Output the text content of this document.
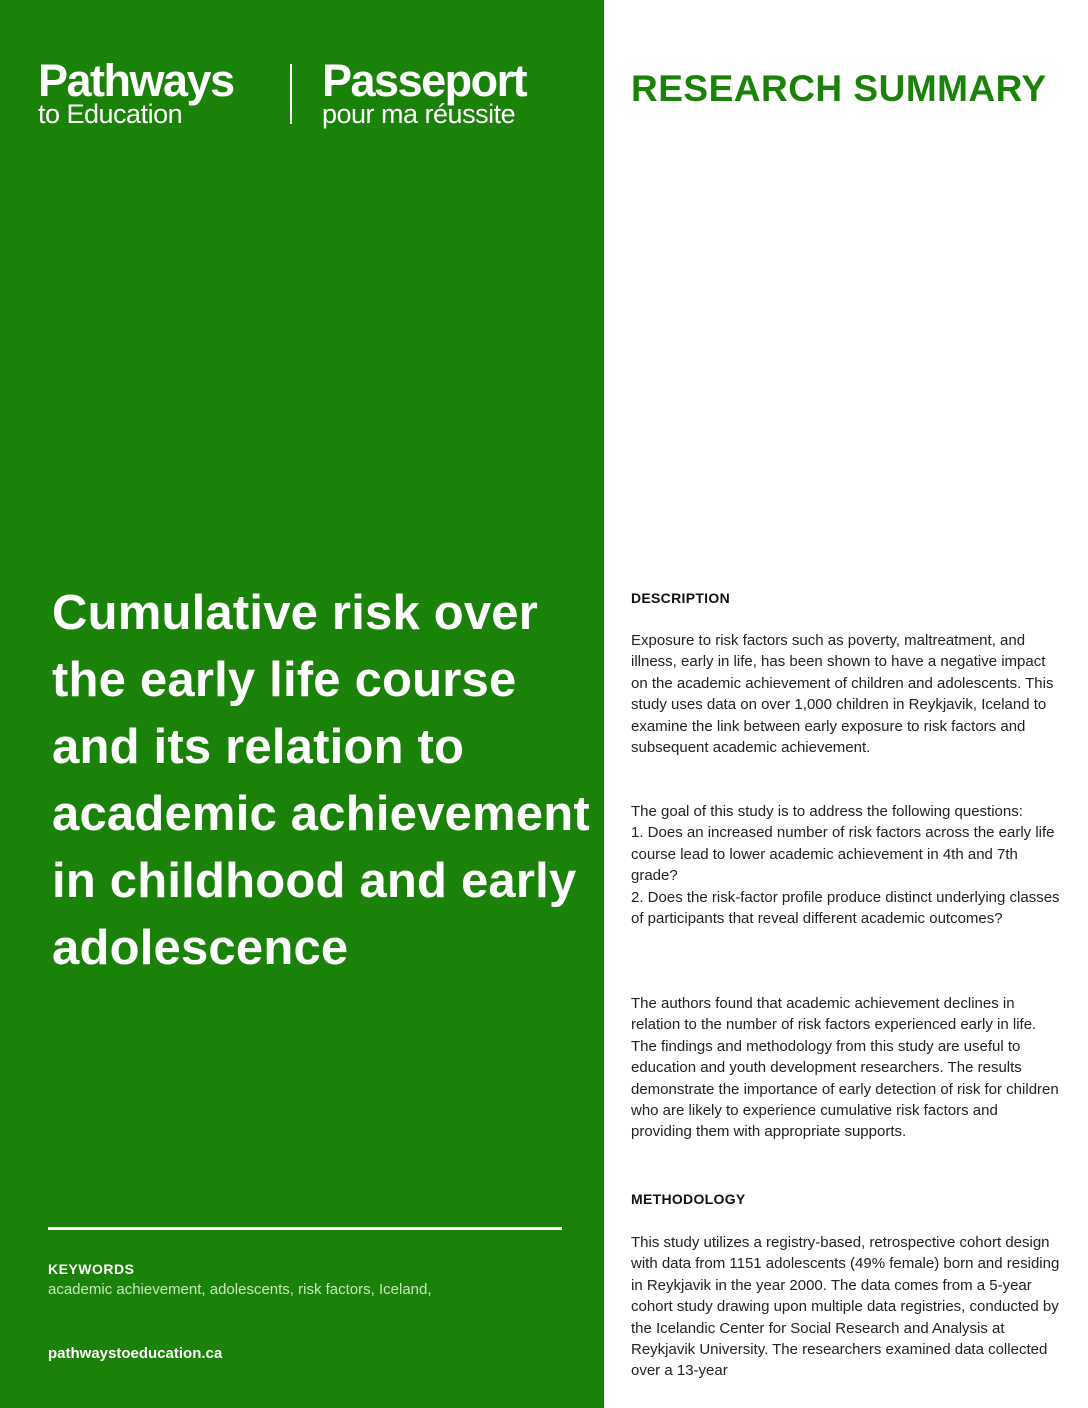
Pathways
to Education
Passeport
pour ma réussite
Cumulative risk over the early life course and its relation to academic achievement in childhood and early adolescence
KEYWORDS
academic achievement, adolescents, risk factors, Iceland,
pathwaystoeducation.ca
RESEARCH SUMMARY
DESCRIPTION

Exposure to risk factors such as poverty, maltreatment, and illness, early in life, has been shown to have a negative impact on the academic achievement of children and adolescents. This study uses data on over 1,000 children in Reykjavik, Iceland to examine the link between early exposure to risk factors and subsequent academic achievement.

The goal of this study is to address the following questions:

1. Does an increased number of risk factors across the early life course lead to lower academic achievement in 4th and 7th grade?

2. Does the risk-factor profile produce distinct underlying classes of participants that reveal different academic outcomes?

The authors found that academic achievement declines in relation to the number of risk factors experienced early in life. The findings and methodology from this study are useful to education and youth development researchers. The results demonstrate the importance of early detection of risk for children who are likely to experience cumulative risk factors and providing them with appropriate supports.

METHODOLOGY

This study utilizes a registry-based, retrospective cohort design with data from 1151 adolescents (49% female) born and residing in Reykjavik in the year 2000. The data comes from a 5-year cohort study drawing upon multiple data registries, conducted by the Icelandic Center for Social Research and Analysis at Reykjavik University. The researchers examined data collected over a 13-year
